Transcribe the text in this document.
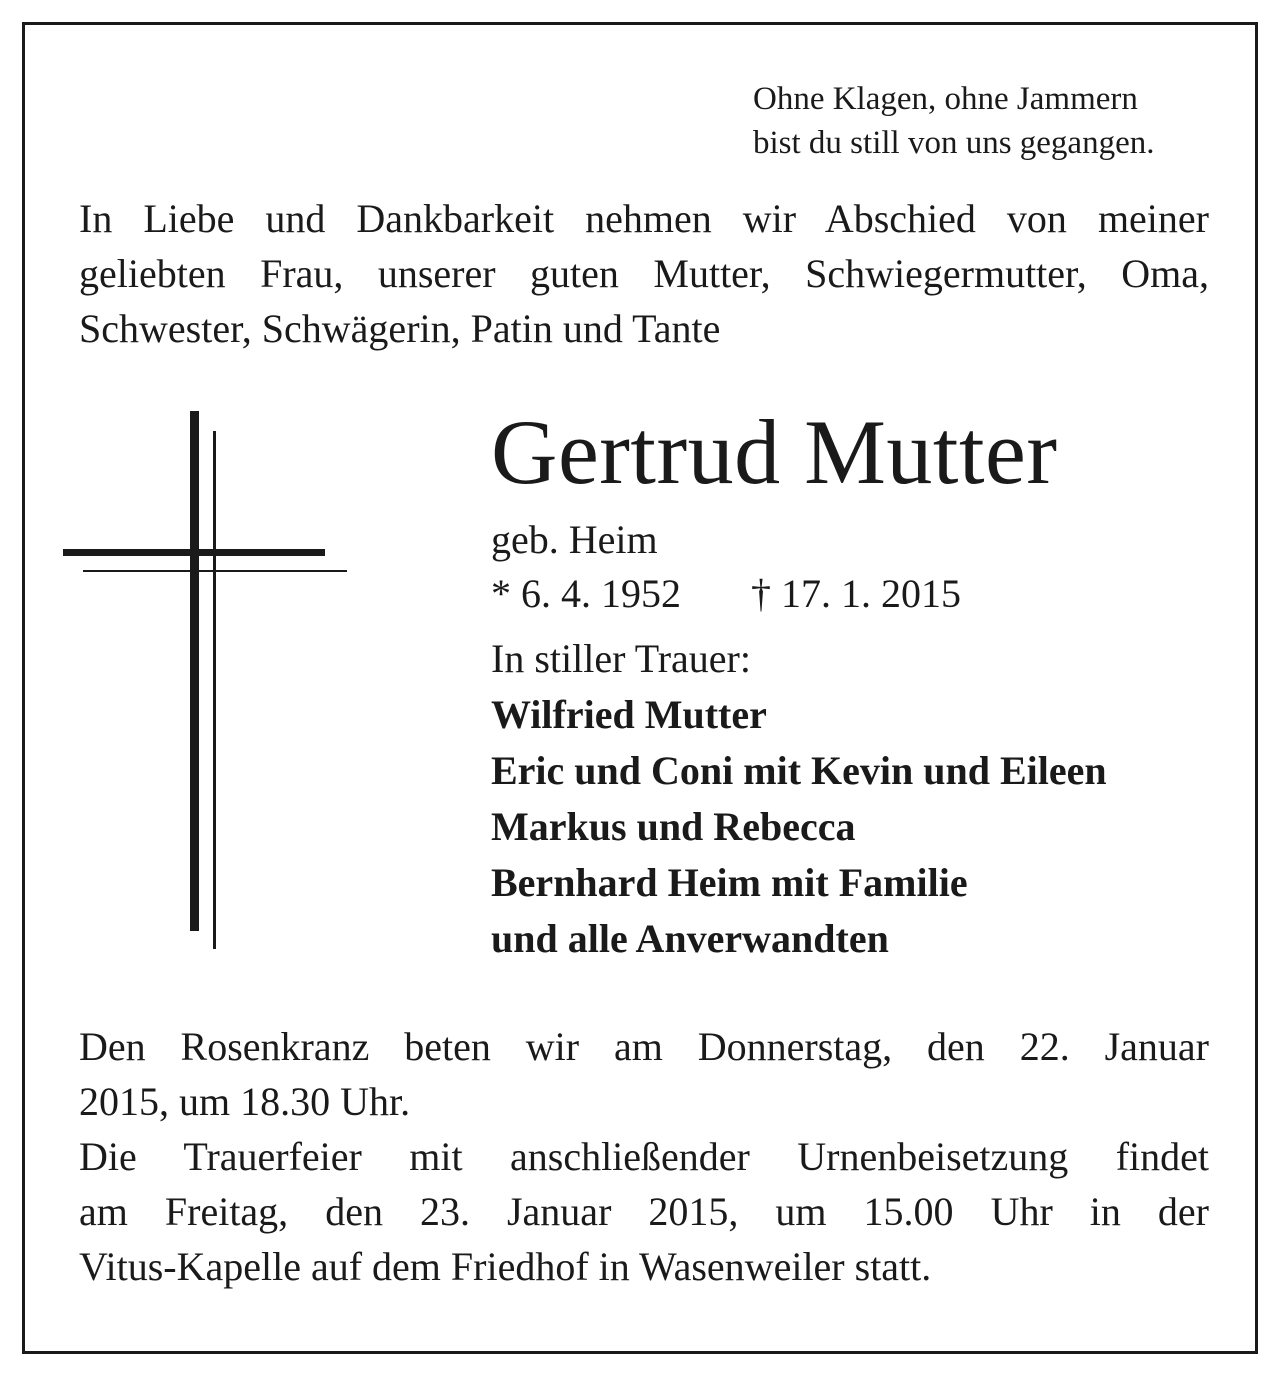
Ohne Klagen, ohne Jammern
bist du still von uns gegangen.
In Liebe und Dankbarkeit nehmen wir Abschied von meiner
geliebten Frau, unserer guten Mutter, Schwiegermutter, Oma,
Schwester, Schwägerin, Patin und Tante
Gertrud Mutter
geb. Heim
* 6. 4. 1952 † 17. 1. 2015
In stiller Trauer:
Wilfried Mutter
Eric und Coni mit Kevin und Eileen
Markus und Rebecca
Bernhard Heim mit Familie
und alle Anverwandten
Den Rosenkranz beten wir am Donnerstag, den 22. Januar
2015, um 18.30 Uhr.
Die Trauerfeier mit anschließender Urnenbeisetzung findet
am Freitag, den 23. Januar 2015, um 15.00 Uhr in der
Vitus-Kapelle auf dem Friedhof in Wasenweiler statt.
